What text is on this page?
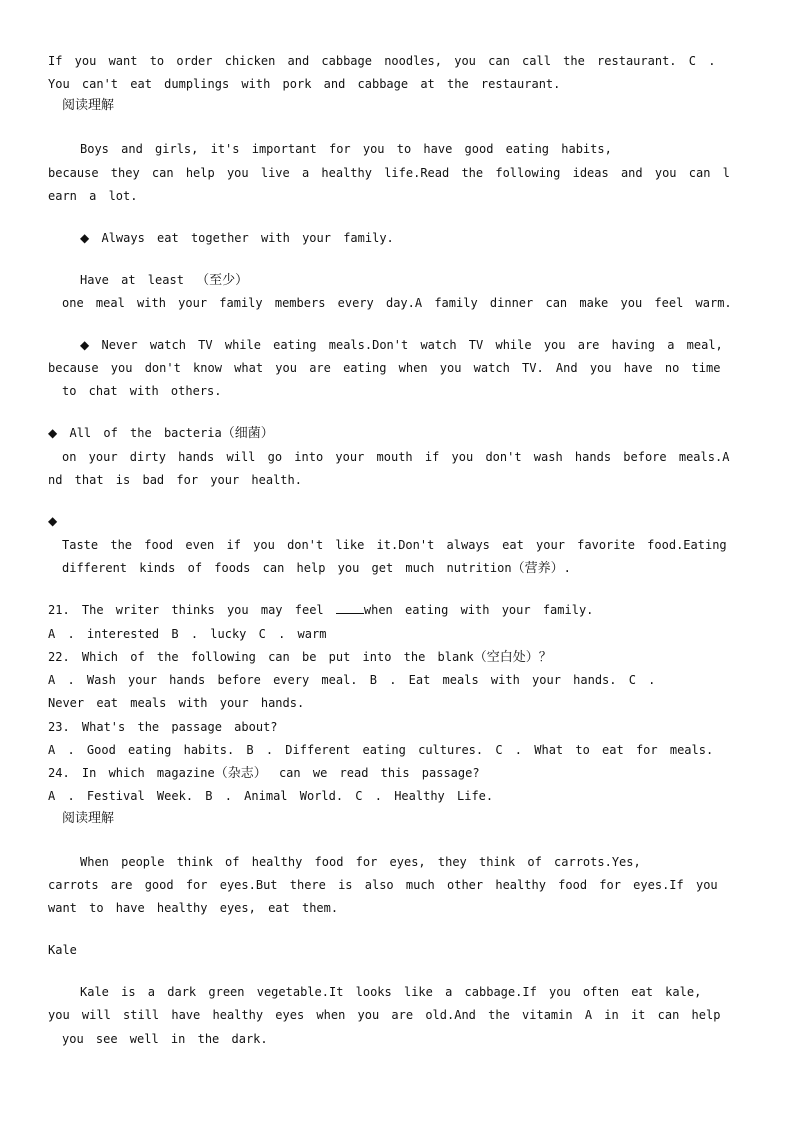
If you want to order chicken and cabbage noodles, you can call the restaurant. C .
You can't eat dumplings with pork and cabbage at the restaurant.
阅读理解
Boys and girls, it's important for you to have good eating habits,
because they can help you live a healthy life.Read the following ideas and you can l
earn a lot.
◆ Always eat together with your family.
Have at least （至少）
one meal with your family members every day.A family dinner can make you feel warm.
◆ Never watch TV while eating meals.Don't watch TV while you are having a meal,
because you don't know what you are eating when you watch TV. And you have no time
to chat with others.
◆ All of the bacteria（细菌）
on your dirty hands will go into your mouth if you don't wash hands before meals.A
nd that is bad for your health.
◆
Taste the food even if you don't like it.Don't always eat your favorite food.Eating
different kinds of foods can help you get much nutrition（营养）.
21. The writer thinks you may feel when eating with your family.
A . interested B . lucky C . warm
22. Which of the following can be put into the blank（空白处）？
A . Wash your hands before every meal. B . Eat meals with your hands. C .
Never eat meals with your hands.
23. What's the passage about?
A . Good eating habits. B . Different eating cultures. C . What to eat for meals.
24. In which magazine（杂志） can we read this passage?
A . Festival Week. B . Animal World. C . Healthy Life.
阅读理解
When people think of healthy food for eyes, they think of carrots.Yes,
carrots are good for eyes.But there is also much other healthy food for eyes.If you
want to have healthy eyes, eat them.
Kale
Kale is a dark green vegetable.It looks like a cabbage.If you often eat kale,
you will still have healthy eyes when you are old.And the vitamin A in it can help
you see well in the dark.
